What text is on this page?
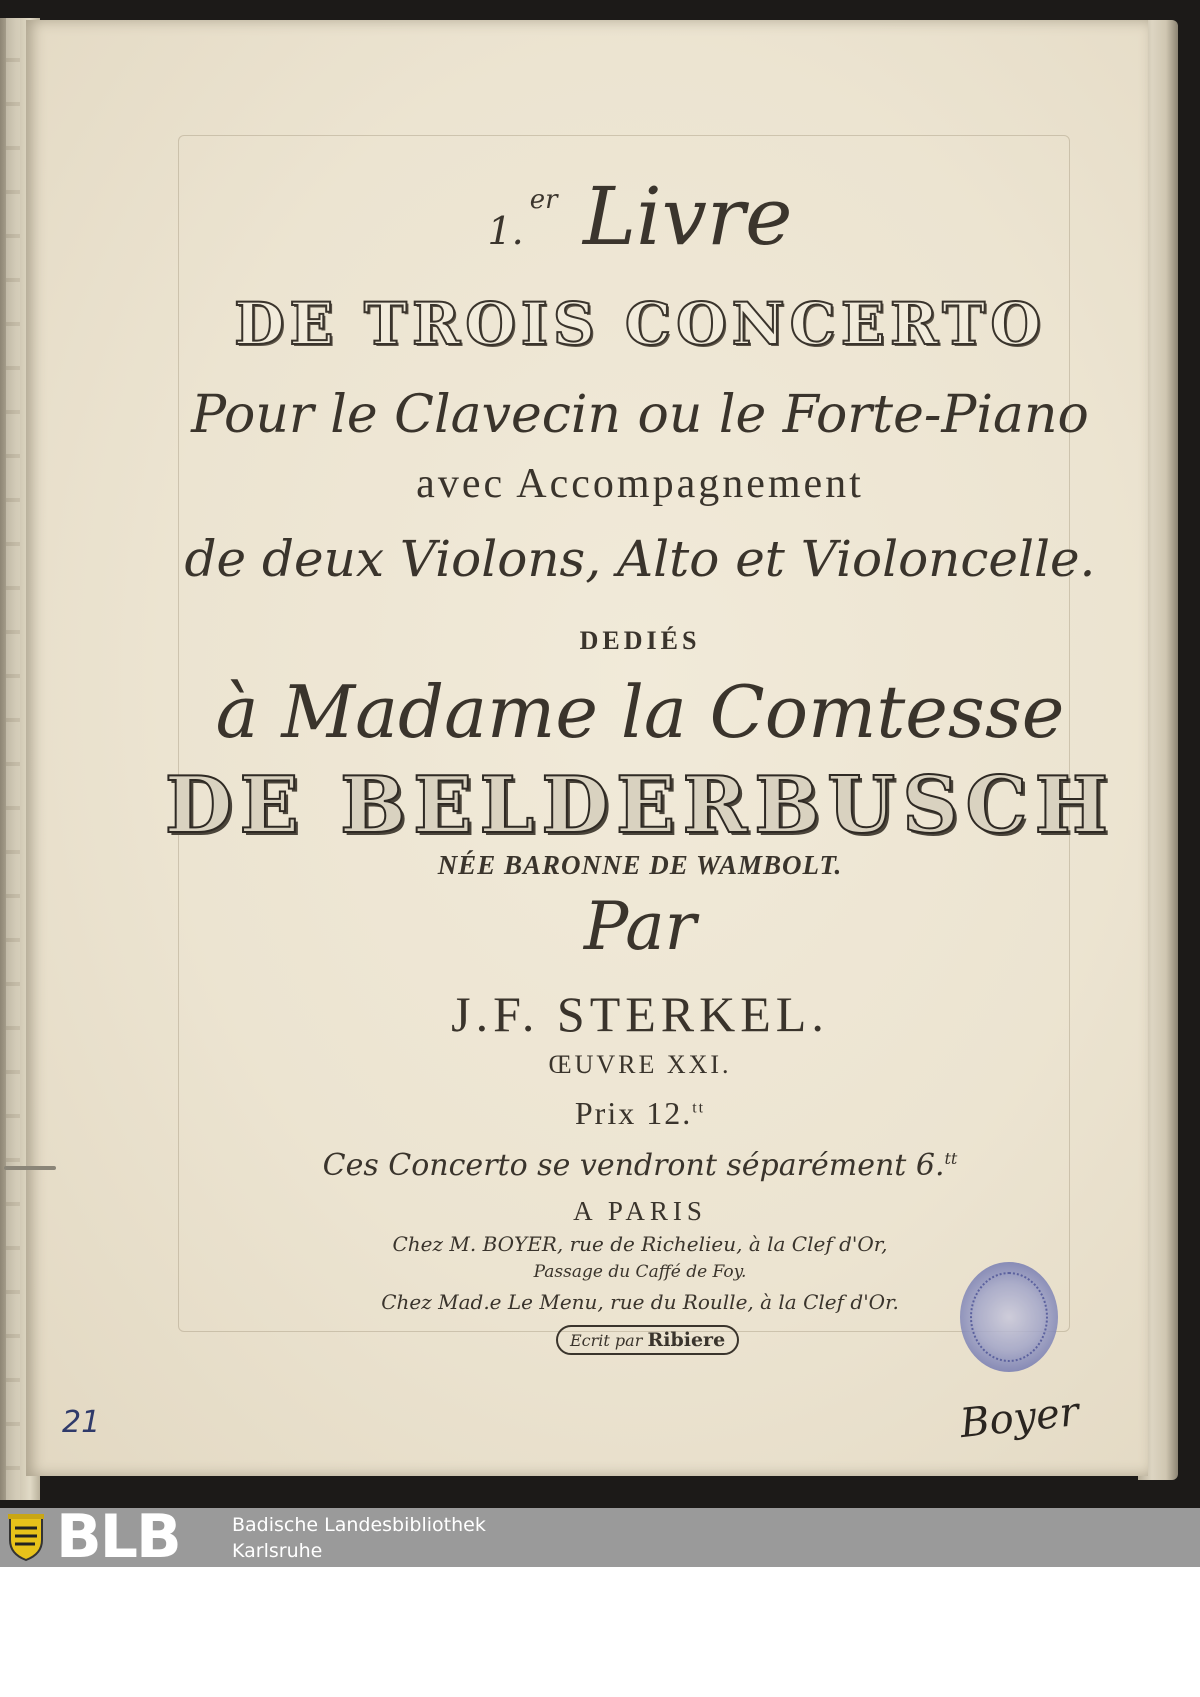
1.$^{er}$ Livre
DE TROIS CONCERTO
Pour le Clavecin ou le Forte-Piano
avec Accompagnement
de deux Violons, Alto et Violoncelle.
DEDIÉS
à Madame la Comtesse
DE BELDERBUSCH
NÉE BARONNE DE WAMBOLT.
Par
J.F. STERKEL.
ŒUVRE XXI.
Prix 12.$^{tt}$
Ces Concerto se vendront séparément 6.$^{tt}$
A PARIS
Chez M. BOYER, rue de Richelieu, à la Clef d'Or,
Passage du Caffé de Foy.
Chez Mad.e Le Menu, rue du Roulle, à la Clef d'Or.
Ecrit par Ribiere
21	Boyer
BLB	Badische Landesbibliothek
Karlsruhe
